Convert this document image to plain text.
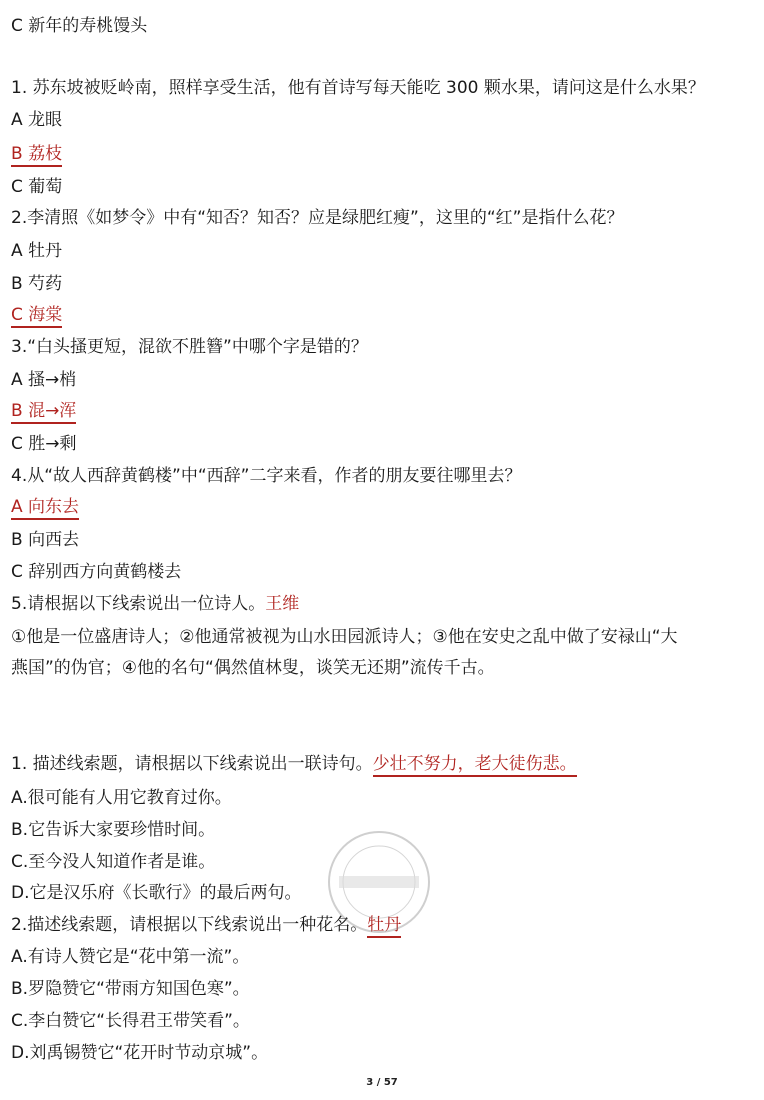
C 新年的寿桃馒头
1. 苏东坡被贬岭南，照样享受生活，他有首诗写每天能吃 300 颗水果，请问这是什么水果？
A 龙眼
B 荔枝
C 葡萄
2.李清照《如梦令》中有“知否？知否？应是绿肥红瘦”，这里的“红”是指什么花？
A 牡丹
B 芍药
C 海棠
3.“白头搔更短，混欲不胜簪”中哪个字是错的？
A 搔→梢
B 混→浑
C 胜→剩
4.从“故人西辞黄鹤楼”中“西辞”二字来看，作者的朋友要往哪里去？
A 向东去
B 向西去
C 辞别西方向黄鹤楼去
5.请根据以下线索说出一位诗人。王维
①他是一位盛唐诗人；②他通常被视为山水田园派诗人；③他在安史之乱中做了安禄山“大
燕国”的伪官；④他的名句“偶然值林叟，谈笑无还期”流传千古。
1. 描述线索题，请根据以下线索说出一联诗句。少壮不努力，老大徒伤悲。
A.很可能有人用它教育过你。
B.它告诉大家要珍惜时间。
C.至今没人知道作者是谁。
D.它是汉乐府《长歌行》的最后两句。
2.描述线索题，请根据以下线索说出一种花名。牡丹
A.有诗人赞它是“花中第一流”。
B.罗隐赞它“带雨方知国色寒”。
C.李白赞它“长得君王带笑看”。
D.刘禹锡赞它“花开时节动京城”。
3 / 57
